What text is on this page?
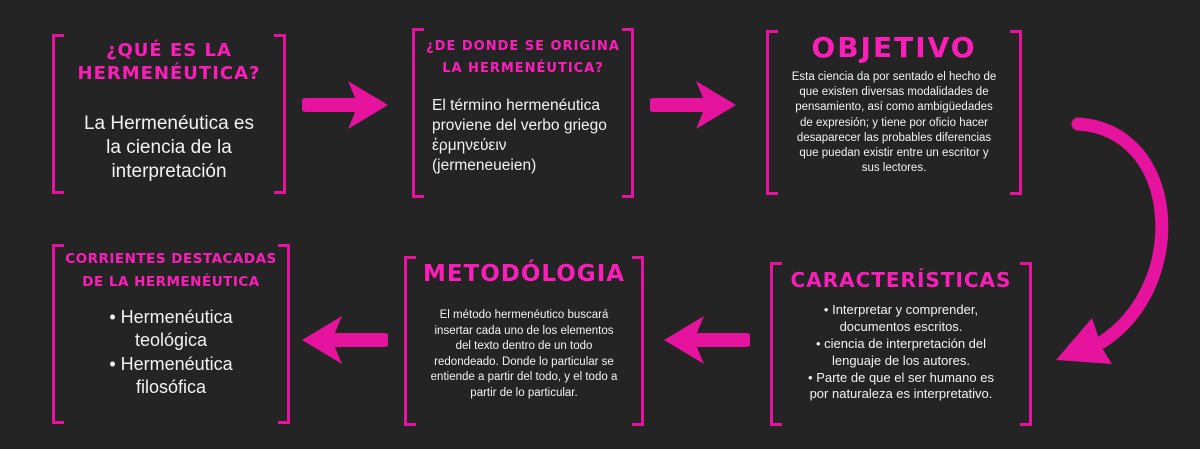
¿QUÉ ES LA
HERMENÉUTICA?
La Hermenéutica es
la ciencia de la
interpretación
¿DE DONDE SE ORIGINA
LA HERMENÉUTICA?
El término hermenéutica
proviene del verbo griego
ἑρμηνεύειν
(jermeneueien)
OBJETIVO
Esta ciencia da por sentado el hecho de
que existen diversas modalidades de
pensamiento, así como ambigüedades
de expresión; y tiene por oficio hacer
desaparecer las probables diferencias
que puedan existir entre un escritor y
sus lectores.
CARACTERÍSTICAS
• Interpretar y comprender,
documentos escritos.
• ciencia de interpretación del
lenguaje de los autores.
• Parte de que el ser humano es
por naturaleza es interpretativo.
METODÓLOGIA
El método hermenéutico buscará
insertar cada uno de los elementos
del texto dentro de un todo
redondeado. Donde lo particular se
entiende a partir del todo, y el todo a
partir de lo particular.
CORRIENTES DESTACADAS
DE LA HERMENÉUTICA
• Hermenéutica
teológica
• Hermenéutica
filosófica
